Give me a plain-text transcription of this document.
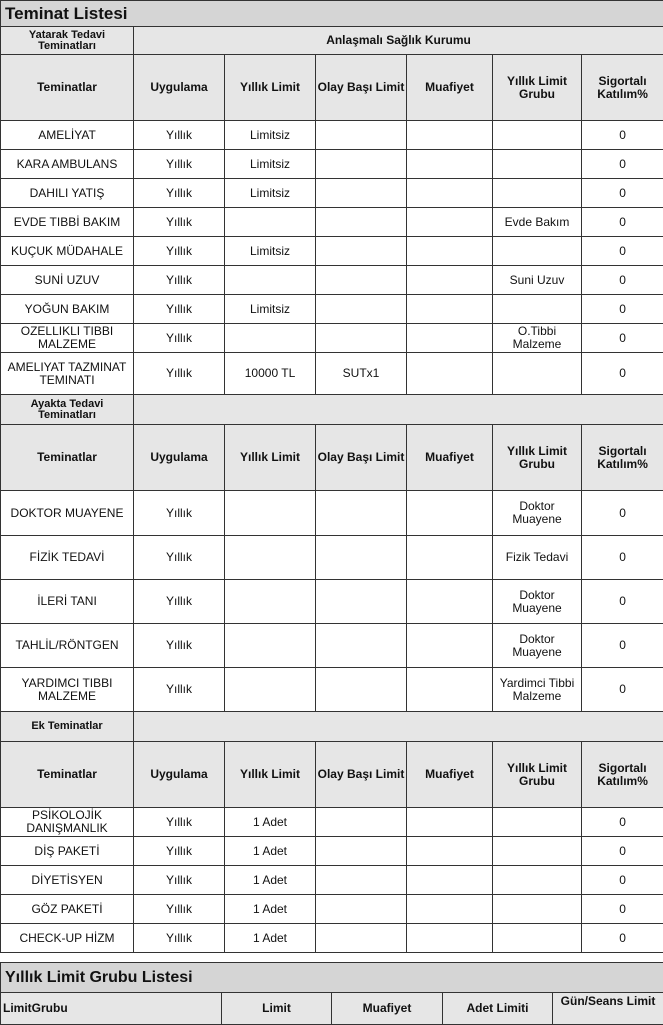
Teminat Listesi						
Yatarak Tedavi Teminatları	Anlaşmalı Sağlık Kurumu					
Teminatlar	Uygulama	Yıllık Limit	Olay Başı Limit	Muafiyet	Yıllık Limit Grubu	Sigortalı Katılım%
AMELİYAT	Yıllık	Limitsiz				0
KARA AMBULANS	Yıllık	Limitsiz				0
DAHILI YATIŞ	Yıllık	Limitsiz				0
EVDE TIBBİ BAKIM	Yıllık				Evde Bakım	0
KUÇUK MÜDAHALE	Yıllık	Limitsiz				0
SUNİ UZUV	Yıllık				Suni Uzuv	0
YOĞUN BAKIM	Yıllık	Limitsiz				0
OZELLIKLI TIBBI MALZEME	Yıllık				O.Tibbi Malzeme	0
AMELIYAT TAZMINAT TEMINATI	Yıllık	10000 TL	SUTx1			0
Ayakta Tedavi Teminatları						
Teminatlar	Uygulama	Yıllık Limit	Olay Başı Limit	Muafiyet	Yıllık Limit Grubu	Sigortalı Katılım%
DOKTOR MUAYENE	Yıllık				Doktor Muayene	0
FİZİK TEDAVİ	Yıllık				Fizik Tedavi	0
İLERİ TANI	Yıllık				Doktor Muayene	0
TAHLİL/RÖNTGEN	Yıllık				Doktor Muayene	0
YARDIMCI TIBBI MALZEME	Yıllık				Yardimci Tibbi Malzeme	0
Ek Teminatlar						
Teminatlar	Uygulama	Yıllık Limit	Olay Başı Limit	Muafiyet	Yıllık Limit Grubu	Sigortalı Katılım%
PSİKOLOJİK DANIŞMANLIK	Yıllık	1 Adet				0
DİŞ PAKETİ	Yıllık	1 Adet				0
DİYETİSYEN	Yıllık	1 Adet				0
GÖZ PAKETİ	Yıllık	1 Adet				0
CHECK-UP HİZM	Yıllık	1 Adet				0
Yıllık Limit Grubu Listesi
LimitGrubu	Limit	Muafiyet	Adet Limiti	Gün/Seans Limit
